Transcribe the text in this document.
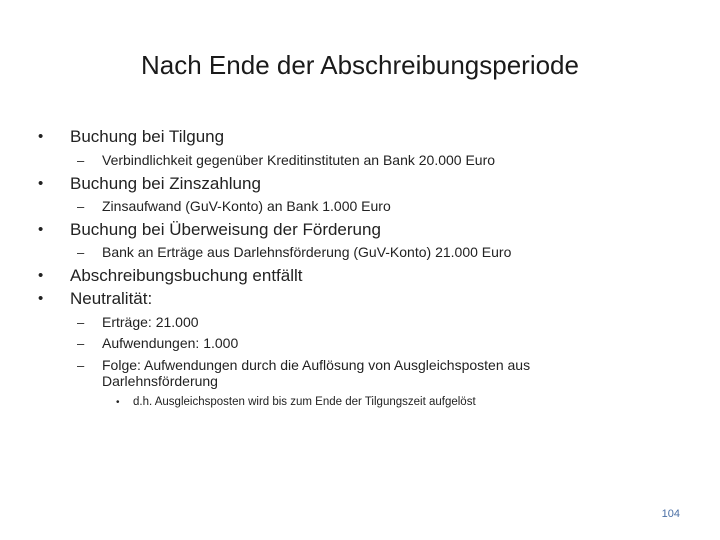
Nach Ende der Abschreibungsperiode
• Buchung bei Tilgung
– Verbindlichkeit gegenüber Kreditinstituten an Bank 20.000 Euro
• Buchung bei Zinszahlung
– Zinsaufwand (GuV-Konto) an Bank 1.000 Euro
• Buchung bei Überweisung der Förderung
– Bank an Erträge aus Darlehnsförderung (GuV-Konto) 21.000 Euro
• Abschreibungsbuchung entfällt
• Neutralität:
– Erträge: 21.000
– Aufwendungen: 1.000
– Folge: Aufwendungen durch die Auflösung von Ausgleichsposten aus Darlehnsförderung
• d.h. Ausgleichsposten wird bis zum Ende der Tilgungszeit aufgelöst
104
